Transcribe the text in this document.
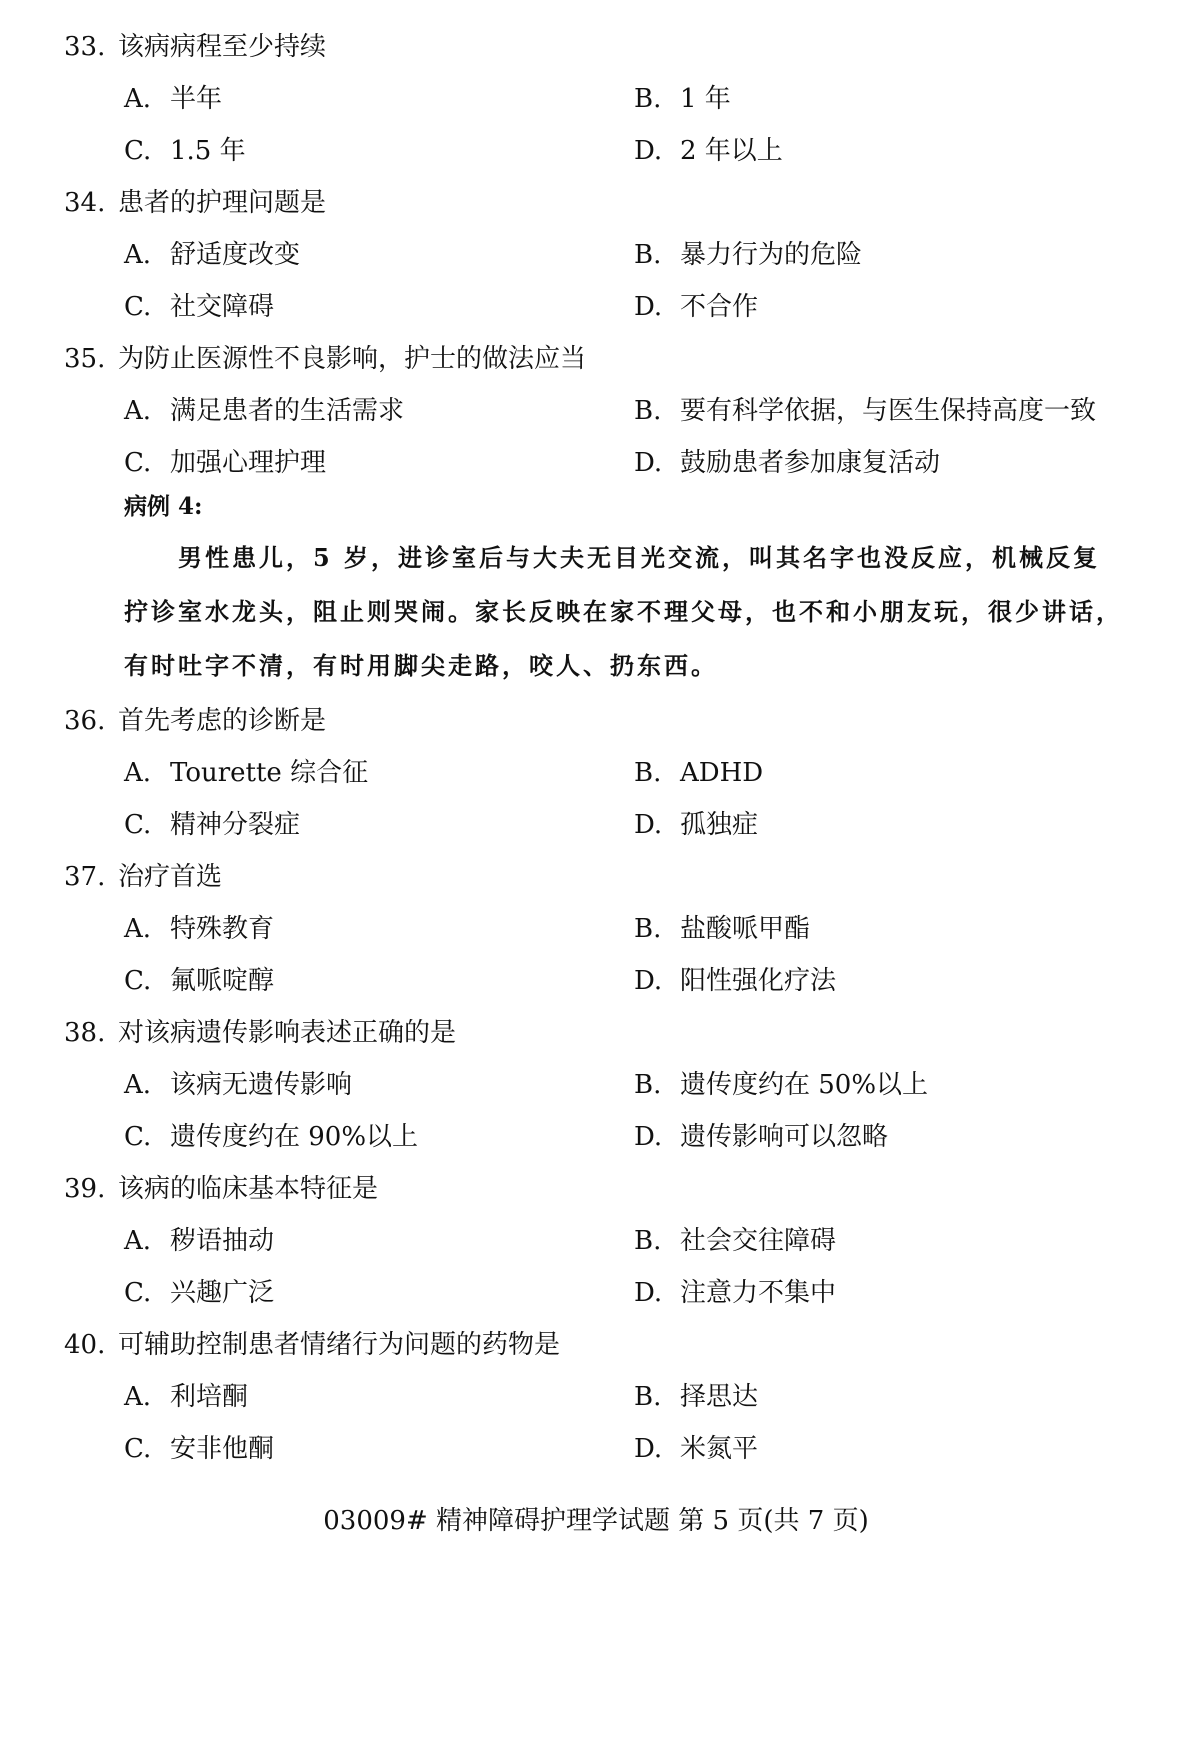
33. 该病病程至少持续
A. 半年	B. 1 年
C. 1.5 年	D. 2 年以上
34. 患者的护理问题是
A. 舒适度改变	B. 暴力行为的危险
C. 社交障碍	D. 不合作
35. 为防止医源性不良影响，护士的做法应当
A. 满足患者的生活需求	B. 要有科学依据，与医生保持高度一致
C. 加强心理护理	D. 鼓励患者参加康复活动
病例 4:
　　男性患儿，5 岁，进诊室后与大夫无目光交流，叫其名字也没反应，机械反复
拧诊室水龙头，阻止则哭闹。家长反映在家不理父母，也不和小朋友玩，很少讲话，
有时吐字不清，有时用脚尖走路，咬人、扔东西。
36. 首先考虑的诊断是
A. Tourette 综合征	B. ADHD
C. 精神分裂症	D. 孤独症
37. 治疗首选
A. 特殊教育	B. 盐酸哌甲酯
C. 氟哌啶醇	D. 阳性强化疗法
38. 对该病遗传影响表述正确的是
A. 该病无遗传影响	B. 遗传度约在 50%以上
C. 遗传度约在 90%以上	D. 遗传影响可以忽略
39. 该病的临床基本特征是
A. 秽语抽动	B. 社会交往障碍
C. 兴趣广泛	D. 注意力不集中
40. 可辅助控制患者情绪行为问题的药物是
A. 利培酮	B. 择思达
C. 安非他酮	D. 米氮平
03009# 精神障碍护理学试题 第 5 页(共 7 页)
